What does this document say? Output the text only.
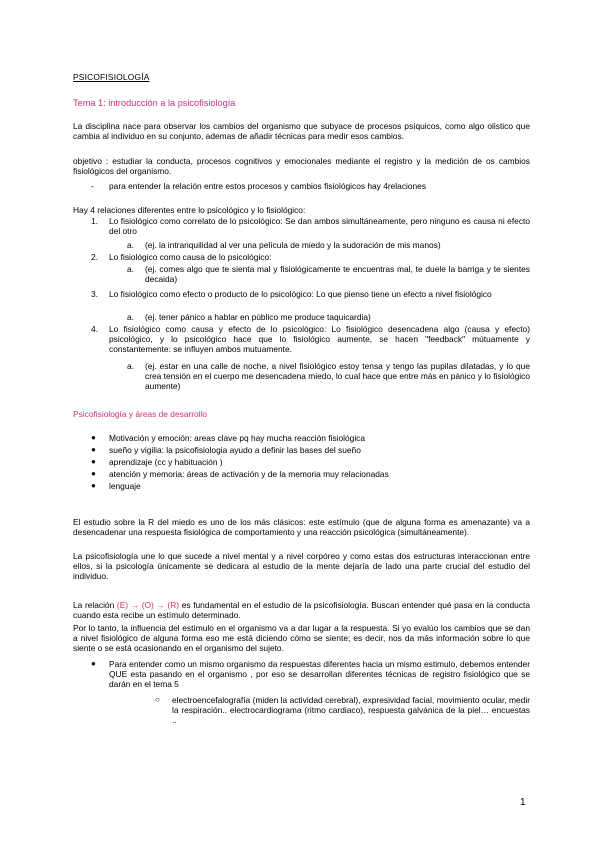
PSICOFISIOLOGÍA

Tema 1: introducción a la psicofisiología

La disciplina nace para observar los cambios del organismo que subyace de procesos psíquicos, como algo olistico que cambia al individuo en su conjunto, ademas de añadir técnicas para medir esos cambios.

objetivo : estudiar la conducta, procesos cognitivos y emocionales mediante el registro y la medición de os cambios fisiológicos del organismo.

- para entender la relación entre estos procesos y cambios fisiológicos hay 4relaciones

Hay 4 relaciones diferentes entre lo psicológico y lo fisiológico:

1. Lo fisiológico como correlato de lo psicológico: Se dan ambos simultáneamente, pero ninguno es causa ni efecto del otro

a. (ej. la intranquilidad al ver una película de miedo y la sudoración de mis manos)

2. Lo fisiológico como causa de lo psicológico:

a. (ej. comes algo que te sienta mal y fisiológicamente te encuentras mal, te duele la barriga y te sientes decaida)

3. Lo fisiológico como efecto o producto de lo psicológico: Lo que pienso tiene un efecto a nivel fisiológico

a. (ej. tener pánico a hablar en público me produce taquicardia)

4. Lo fisiológico como causa y efecto de lo psicológico: Lo fisiológico desencadena algo (causa y efecto) psicológico, y lo psicológico hace que lo fisiológico aumente, se hacen "feedback" mútuamente y constantemente: se influyen ambos mutuamente.

a. (ej. estar en una calle de noche, a nivel fisiológico estoy tensa y tengo las pupilas dilatadas, y lo que crea tensión en el cuerpo me desencadena miedo, lo cual hace que entre más en pánico y lo fisiológico aumente)

Psicofisiología y áreas de desarrollo

● Motivación y emoción: areas clave pq hay mucha reacción fisiológica

● sueño y vigilia: la psicofisiologia ayudo a definir las bases del sueño

● aprendizaje (cc y habituación )

● atención y memoria: áreas de activación y de la memoria muy relacionadas

● lenguaje

El estudio sobre la R del miedo es uno de los más clásicos: este estímulo (que de alguna forma es amenazante) va a desencadenar una respuesta fisiológica de comportamiento y una reacción psicológica (simultáneamente).

La psicofisiología une lo que sucede a nivel mental y a nivel corpóreo y como estas dos estructuras interaccionan entre ellos, si la psicología únicamente se dedicara al estudio de la mente dejaría de lado una parte crucial del estudio del individuo.

La relación (E) → (O) → (R) es fundamental en el estudio de la psicofisiología. Buscan entender qué pasa en la conducta cuando esta recibe un estímulo determinado.

Por lo tanto, la influencia del estímulo en el organismo va a dar lugar a la respuesta. Si yo evalúo los cambios que se dan a nivel fisiológico de alguna forma eso me está diciendo cómo se siente; es decir, nos da más información sobre lo que siente o se está ocasionando en el organismo del sujeto.

● Para entender como un mismo organismo da respuestas diferentes hacia un mismo estimulo, debemos entender QUE esta pasando en el organismo , por eso se desarrollan diferentes técnicas de registro fisiológico que se darán en el tema 5

○ electroencefalografía (miden la actividad cerebral), expresividad facial, movimiento ocular, medir la respiración.. electrocardiograma (ritmo cardiaco), respuesta galvánica de la piel… encuestas ..

1
